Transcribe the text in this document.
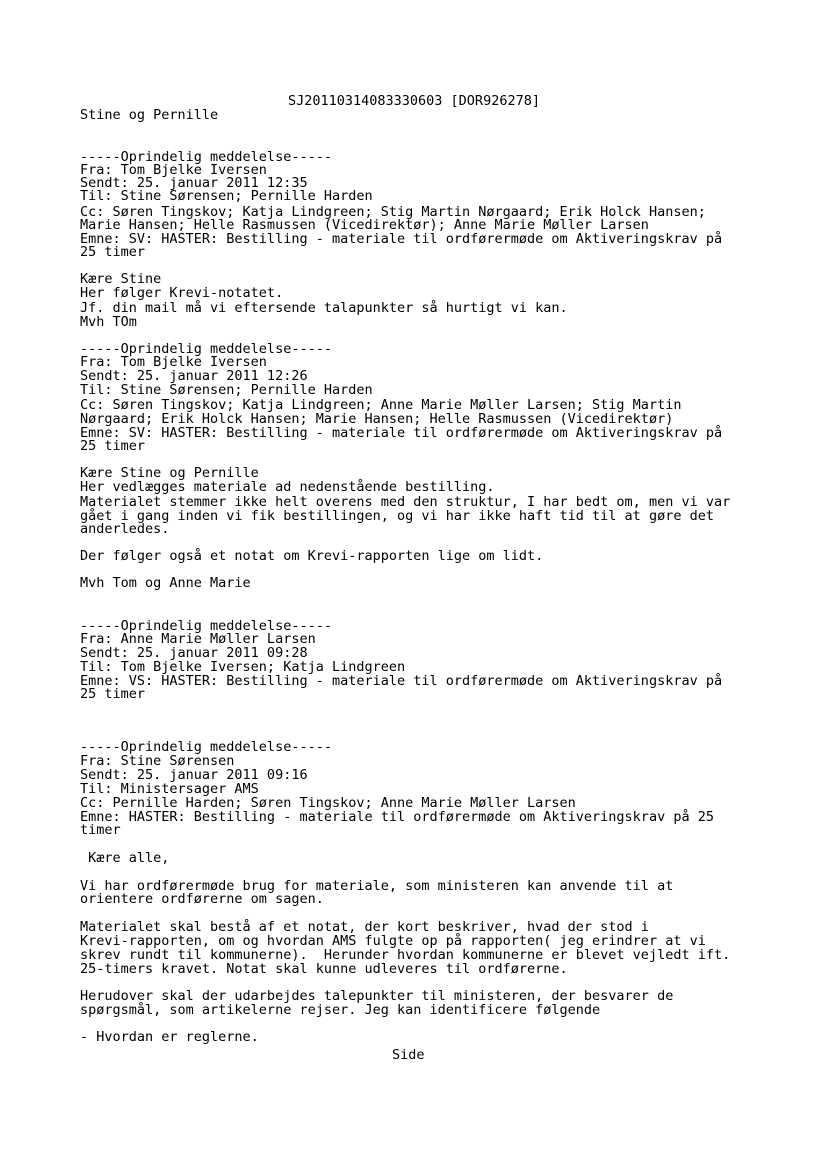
SJ20110314083330603 [DOR926278]
Stine og Pernille
-----Oprindelig meddelelse-----
Fra: Tom Bjelke Iversen
Sendt: 25. januar 2011 12:35
Til: Stine Sørensen; Pernille Harden
Cc: Søren Tingskov; Katja Lindgreen; Stig Martin Nørgaard; Erik Holck Hansen;
Marie Hansen; Helle Rasmussen (Vicedirektør); Anne Marie Møller Larsen
Emne: SV: HASTER: Bestilling - materiale til ordførermøde om Aktiveringskrav på
25 timer
Kære Stine
Her følger Krevi-notatet.
Jf. din mail må vi eftersende talapunkter så hurtigt vi kan.
Mvh TOm
-----Oprindelig meddelelse-----
Fra: Tom Bjelke Iversen
Sendt: 25. januar 2011 12:26
Til: Stine Sørensen; Pernille Harden
Cc: Søren Tingskov; Katja Lindgreen; Anne Marie Møller Larsen; Stig Martin
Nørgaard; Erik Holck Hansen; Marie Hansen; Helle Rasmussen (Vicedirektør)
Emne: SV: HASTER: Bestilling - materiale til ordførermøde om Aktiveringskrav på
25 timer
Kære Stine og Pernille
Her vedlægges materiale ad nedenstående bestilling.
Materialet stemmer ikke helt overens med den struktur, I har bedt om, men vi var
gået i gang inden vi fik bestillingen, og vi har ikke haft tid til at gøre det
anderledes.
Der følger også et notat om Krevi-rapporten lige om lidt.
Mvh Tom og Anne Marie
-----Oprindelig meddelelse-----
Fra: Anne Marie Møller Larsen
Sendt: 25. januar 2011 09:28
Til: Tom Bjelke Iversen; Katja Lindgreen
Emne: VS: HASTER: Bestilling - materiale til ordførermøde om Aktiveringskrav på
25 timer
-----Oprindelig meddelelse-----
Fra: Stine Sørensen
Sendt: 25. januar 2011 09:16
Til: Ministersager AMS
Cc: Pernille Harden; Søren Tingskov; Anne Marie Møller Larsen
Emne: HASTER: Bestilling - materiale til ordførermøde om Aktiveringskrav på 25
timer
Kære alle,
Vi har ordførermøde brug for materiale, som ministeren kan anvende til at
orientere ordførerne om sagen.
Materialet skal bestå af et notat, der kort beskriver, hvad der stod i
Krevi-rapporten, om og hvordan AMS fulgte op på rapporten( jeg erindrer at vi
skrev rundt til kommunerne).  Herunder hvordan kommunerne er blevet vejledt ift.
25-timers kravet. Notat skal kunne udleveres til ordførerne.
Herudover skal der udarbejdes talepunkter til ministeren, der besvarer de
spørgsmål, som artikelerne rejser. Jeg kan identificere følgende
- Hvordan er reglerne.
Side
